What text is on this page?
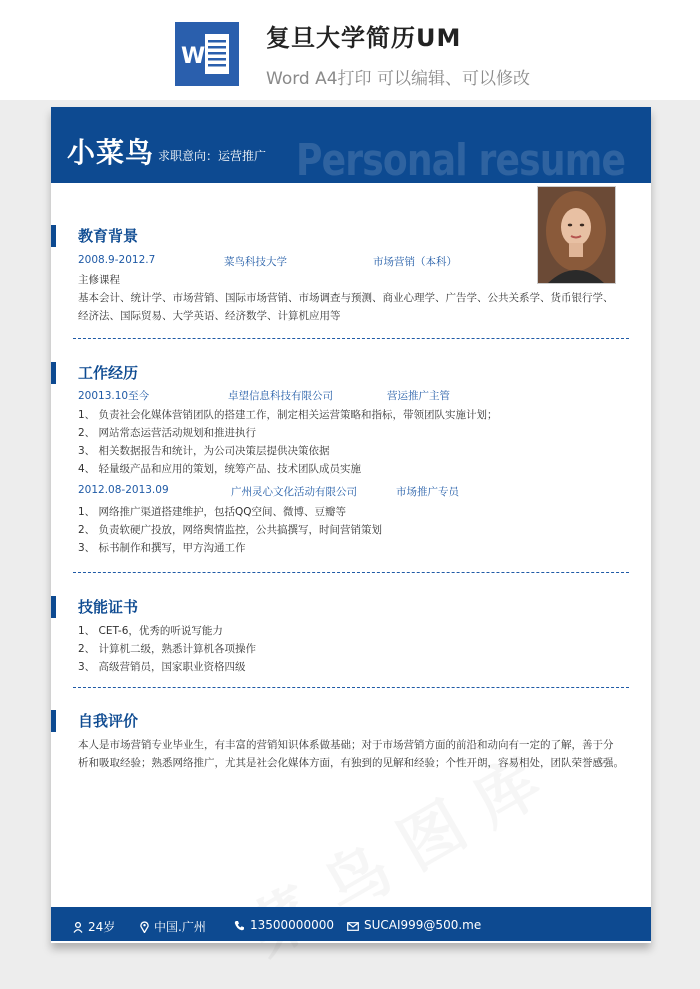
W
复旦大学简历UM
Word A4打印 可以编辑、可以修改
Personal resume
小菜鸟 求职意向：运营推广
教育背景
2008.9-2012.7	菜鸟科技大学	市场营销（本科）
主修课程
基本会计、统计学、市场营销、国际市场营销、市场调查与预测、商业心理学、广告学、公共关系学、货币银行学、
经济法、国际贸易、大学英语、经济数学、计算机应用等
工作经历
20013.10至今	卓望信息科技有限公司	营运推广主管
1、 负责社会化媒体营销团队的搭建工作，制定相关运营策略和指标，带领团队实施计划；
2、 网站常态运营活动规划和推进执行
3、 相关数据报告和统计，为公司决策层提供决策依据
4、 轻量级产品和应用的策划，统筹产品、技术团队成员实施
2012.08-2013.09	广州灵心文化活动有限公司	市场推广专员
1、 网络推广渠道搭建维护，包括QQ空间、微博、豆瓣等
2、 负责软硬广投放，网络舆情监控，公共搞撰写，时间营销策划
3、 标书制作和撰写，甲方沟通工作
技能证书
1、 CET-6，优秀的听说写能力
2、 计算机二级，熟悉计算机各项操作
3、 高级营销员，国家职业资格四级
自我评价
本人是市场营销专业毕业生，有丰富的营销知识体系做基础；对于市场营销方面的前沿和动向有一定的了解，善于分
析和吸取经验；熟悉网络推广，尤其是社会化媒体方面，有独到的见解和经验；个性开朗，容易相处，团队荣誉感强。
24岁	中国.广州	13500000000	SUCAI999@500.me
